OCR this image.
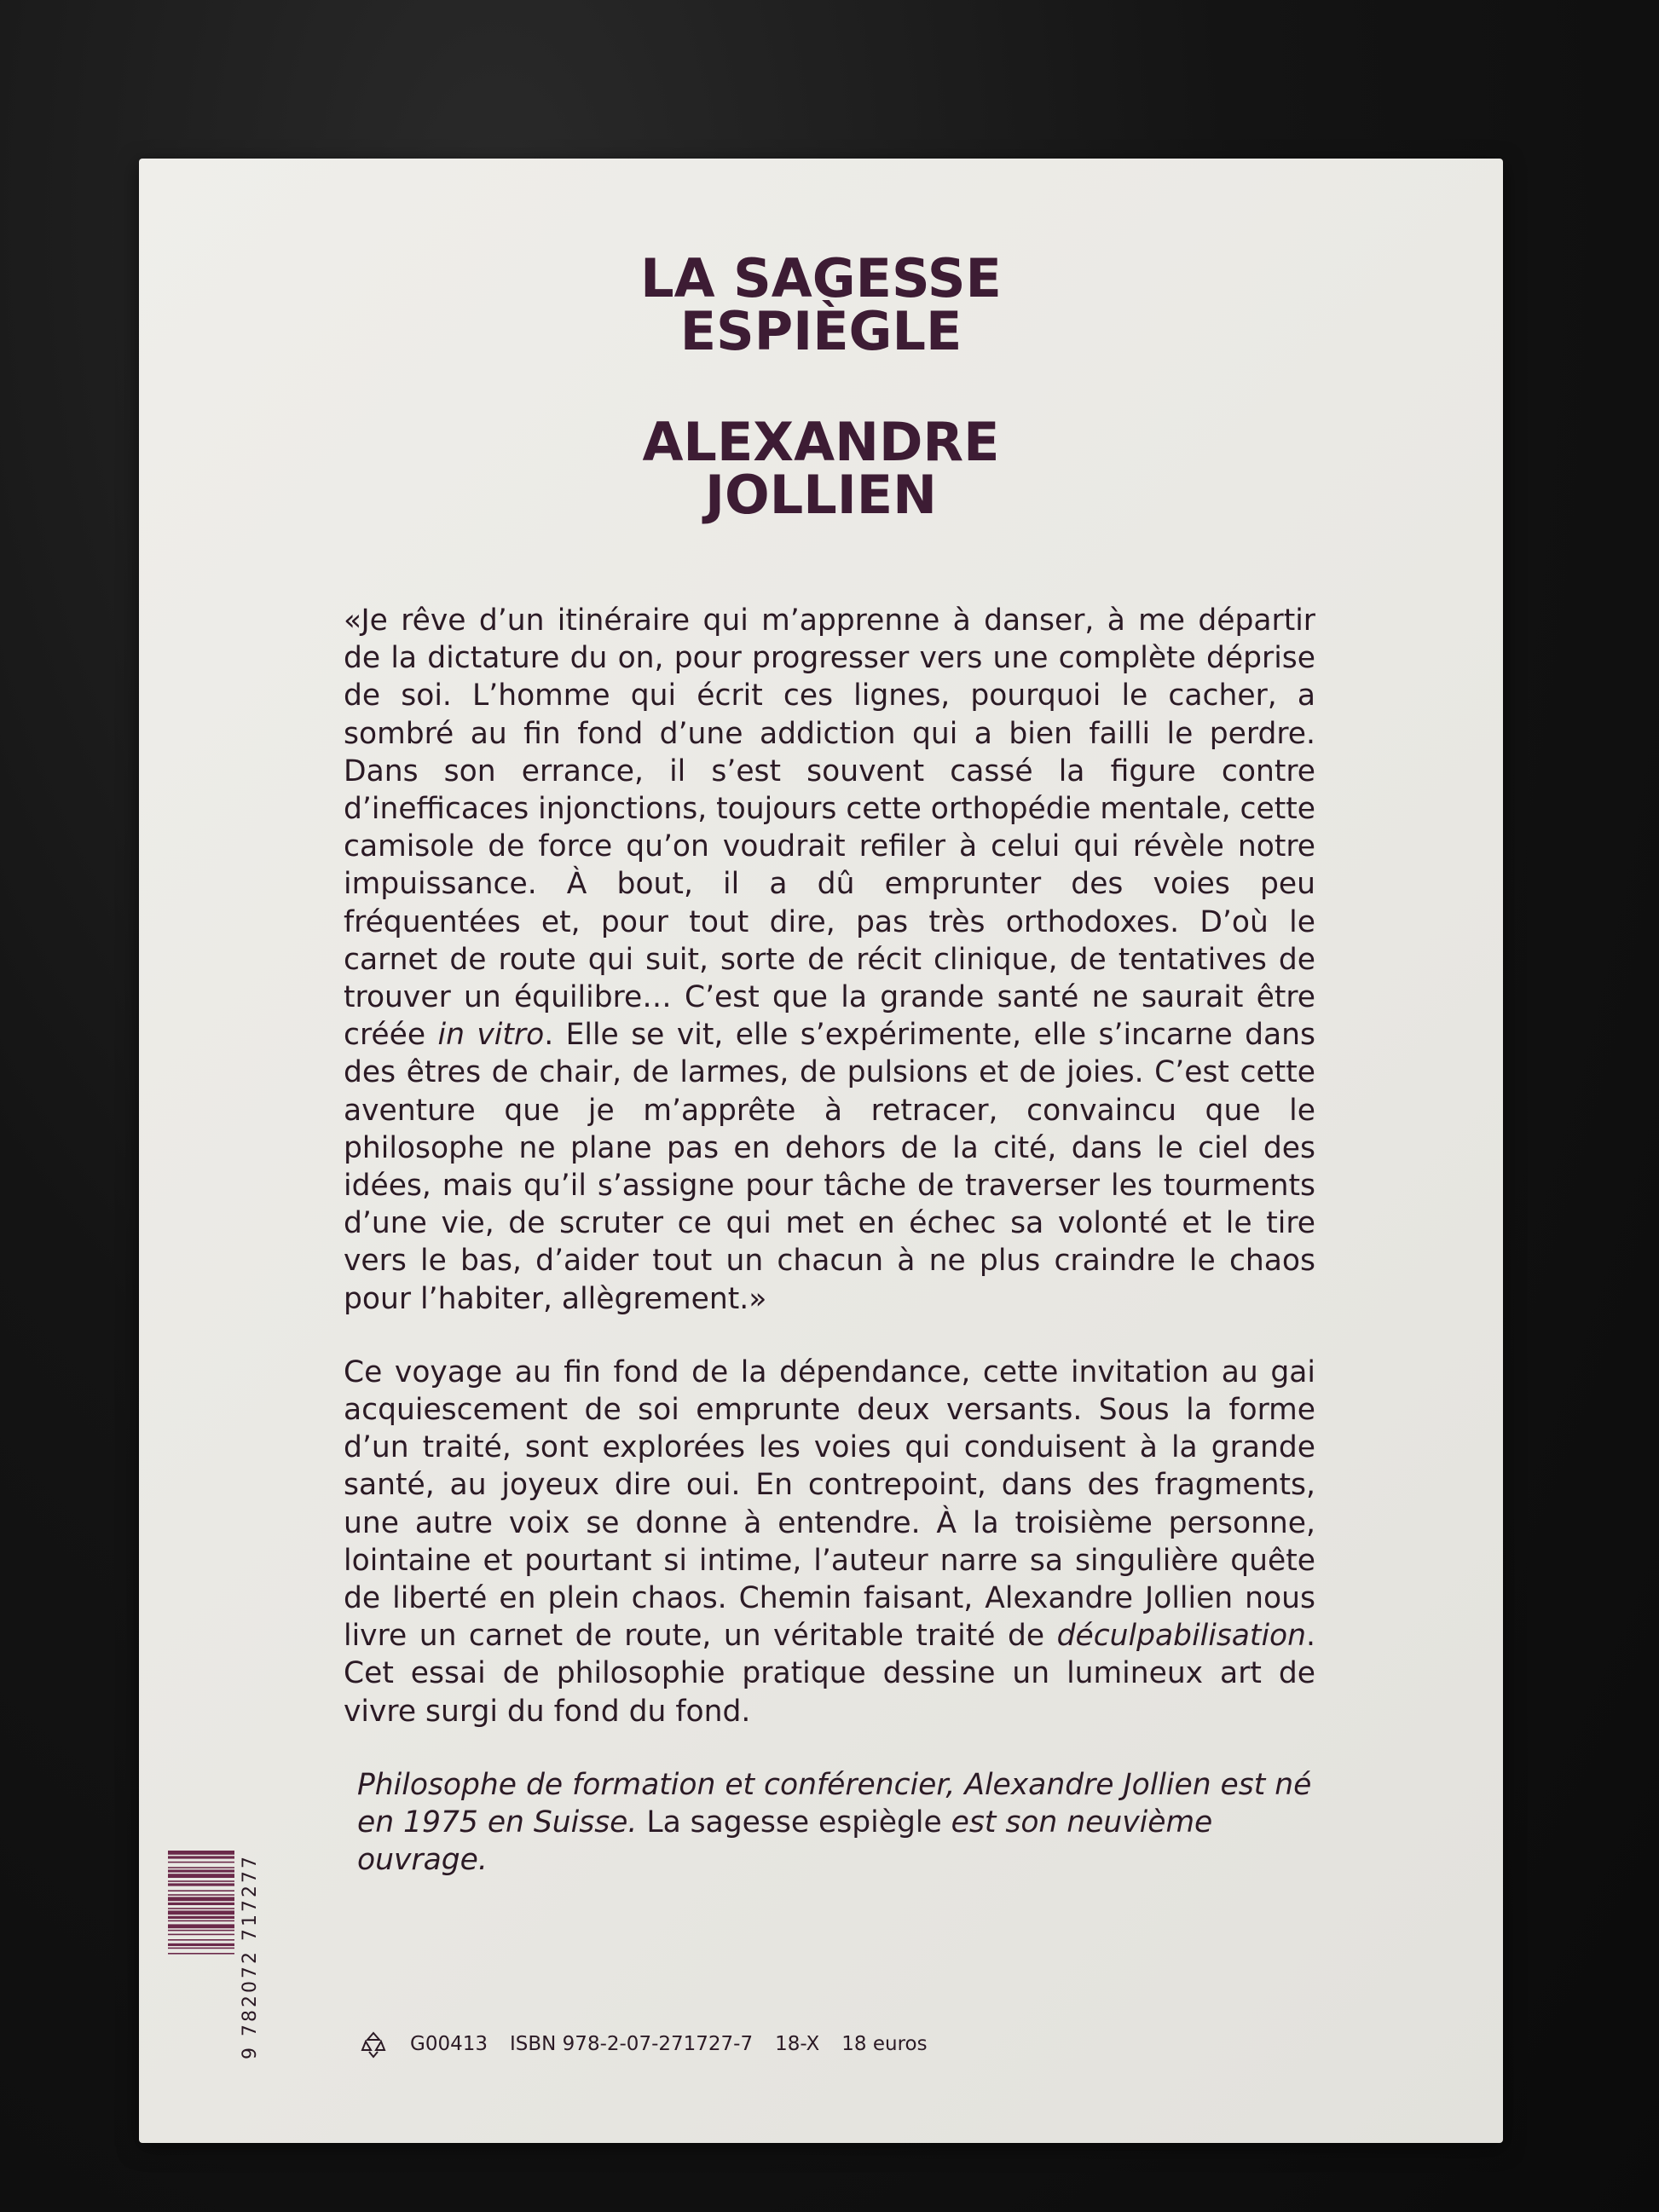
LA SAGESSE
ESPIÈGLE
ALEXANDRE
JOLLIEN

«Je rêve d’un itinéraire qui m’apprenne à danser, à me départir de la dictature du on, pour progresser vers une complète déprise de soi. L’homme qui écrit ces lignes, pourquoi le cacher, a sombré au fin fond d’une addiction qui a bien failli le perdre. Dans son errance, il s’est souvent cassé la figure contre d’inefficaces injonctions, toujours cette orthopédie mentale, cette camisole de force qu’on voudrait refiler à celui qui révèle notre impuissance. À bout, il a dû emprunter des voies peu fréquentées et, pour tout dire, pas très orthodoxes. D’où le carnet de route qui suit, sorte de récit clinique, de tentatives de trouver un équilibre… C’est que la grande santé ne saurait être créée in vitro. Elle se vit, elle s’expérimente, elle s’incarne dans des êtres de chair, de larmes, de pulsions et de joies. C’est cette aventure que je m’apprête à retracer, convaincu que le philosophe ne plane pas en dehors de la cité, dans le ciel des idées, mais qu’il s’assigne pour tâche de traverser les tourments d’une vie, de scruter ce qui met en échec sa volonté et le tire vers le bas, d’aider tout un chacun à ne plus craindre le chaos pour l’habiter, allègrement.»

Ce voyage au fin fond de la dépendance, cette invitation au gai acquiescement de soi emprunte deux versants. Sous la forme d’un traité, sont explorées les voies qui conduisent à la grande santé, au joyeux dire oui. En contrepoint, dans des fragments, une autre voix se donne à entendre. À la troisième personne, lointaine et pourtant si intime, l’auteur narre sa singulière quête de liberté en plein chaos. Chemin faisant, Alexandre Jollien nous livre un carnet de route, un véritable traité de déculpabilisation. Cet essai de philosophie pratique dessine un lumineux art de vivre surgi du fond du fond.

Philosophe de formation et conférencier, Alexandre Jollien est né en 1975 en Suisse. La sagesse espiègle est son neuvième ouvrage.

9 782072 717277	G00413 ISBN 978-2-07-271727-7 18-X 18 euros
